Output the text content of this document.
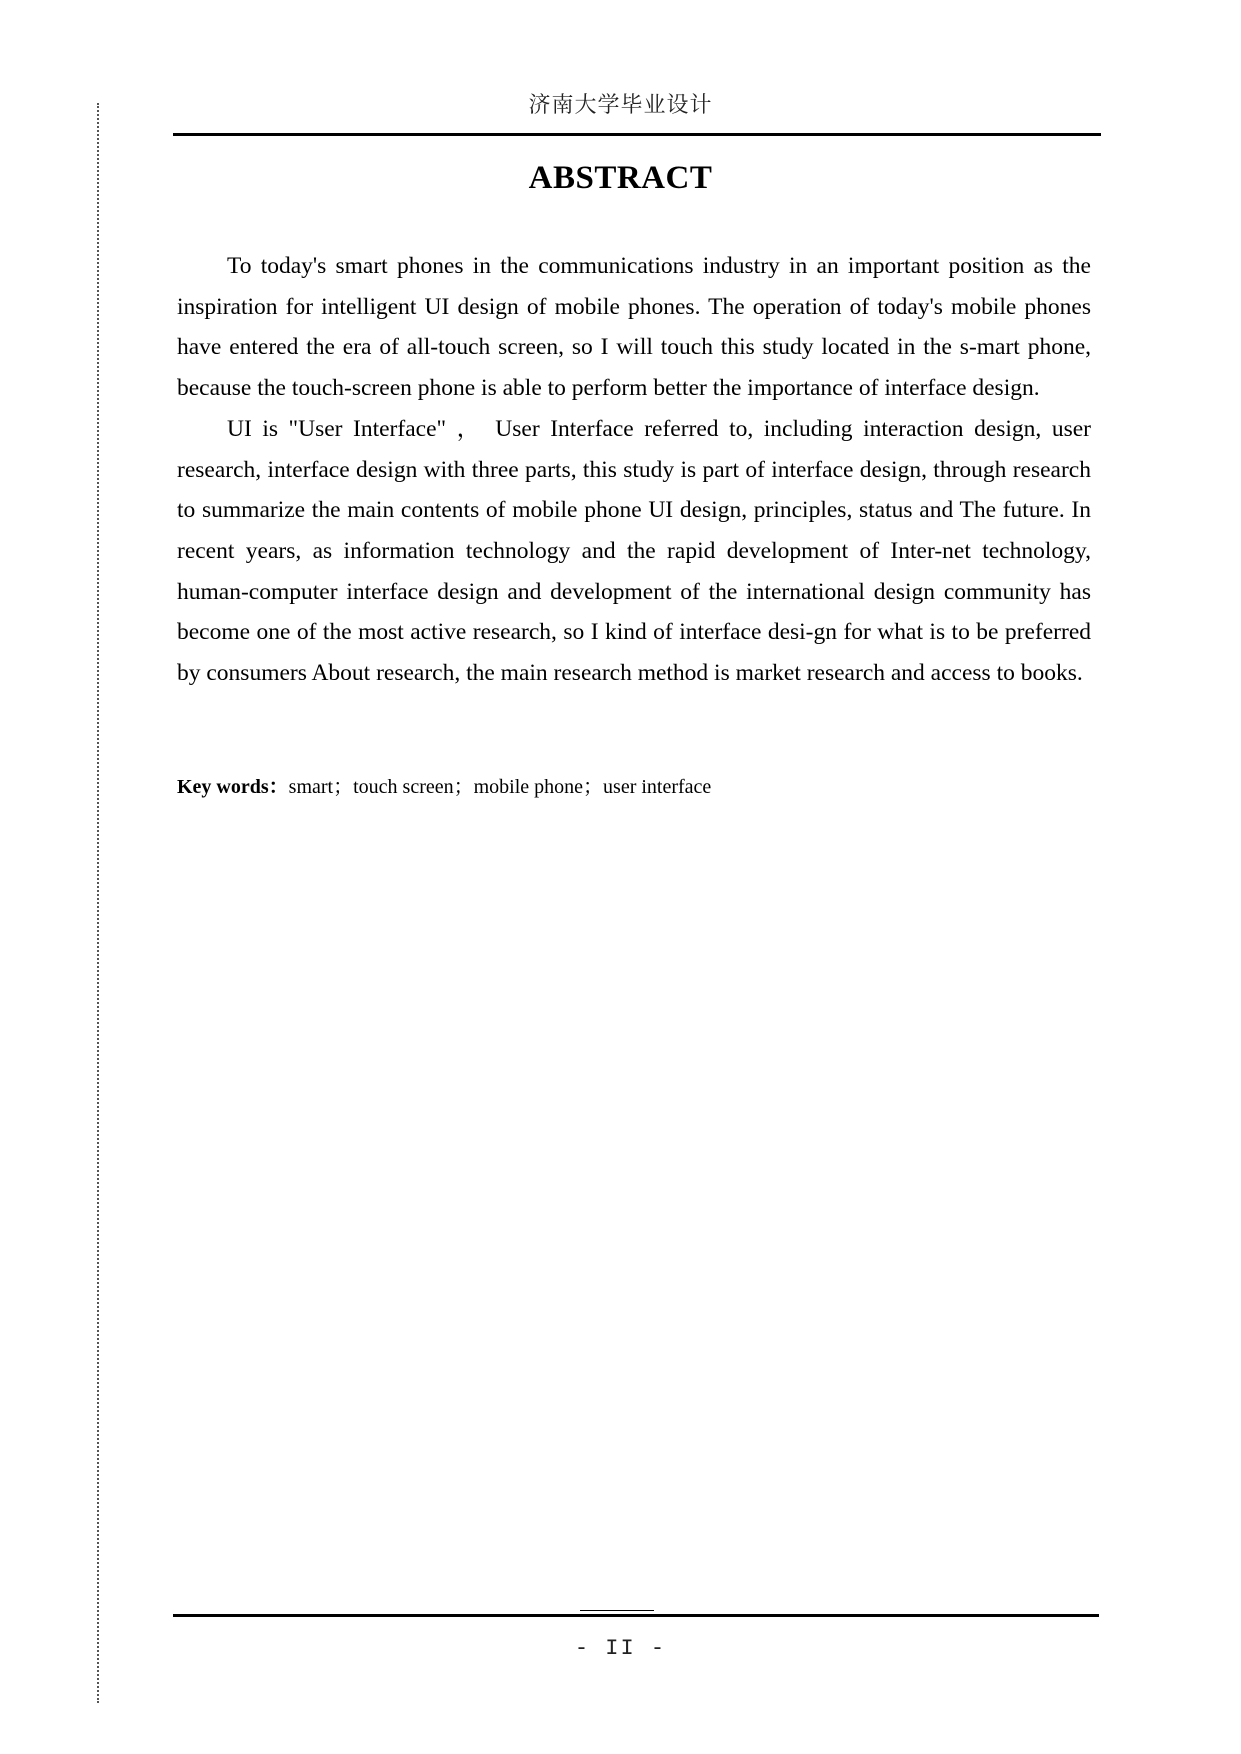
济南大学毕业设计
ABSTRACT

To today's smart phones in the communications industry in an important position as the inspiration for intelligent UI design of mobile phones. The operation of today's mobile phones have entered the era of all-touch screen, so I will touch this study located in the s-mart phone, because the touch-screen phone is able to perform better the importance of interface design.

UI is "User Interface" ， User Interface referred to, including interaction design, user research, interface design with three parts, this study is part of interface design, through research to summarize the main contents of mobile phone UI design, principles, status and The future. In recent years, as information technology and the rapid development of Inter-net technology, human-computer interface design and development of the international design community has become one of the most active research, so I kind of interface desi-gn for what is to be preferred by consumers About research, the main research method is market research and access to books.

Key words：smart；touch screen；mobile phone；user interface
- II -
